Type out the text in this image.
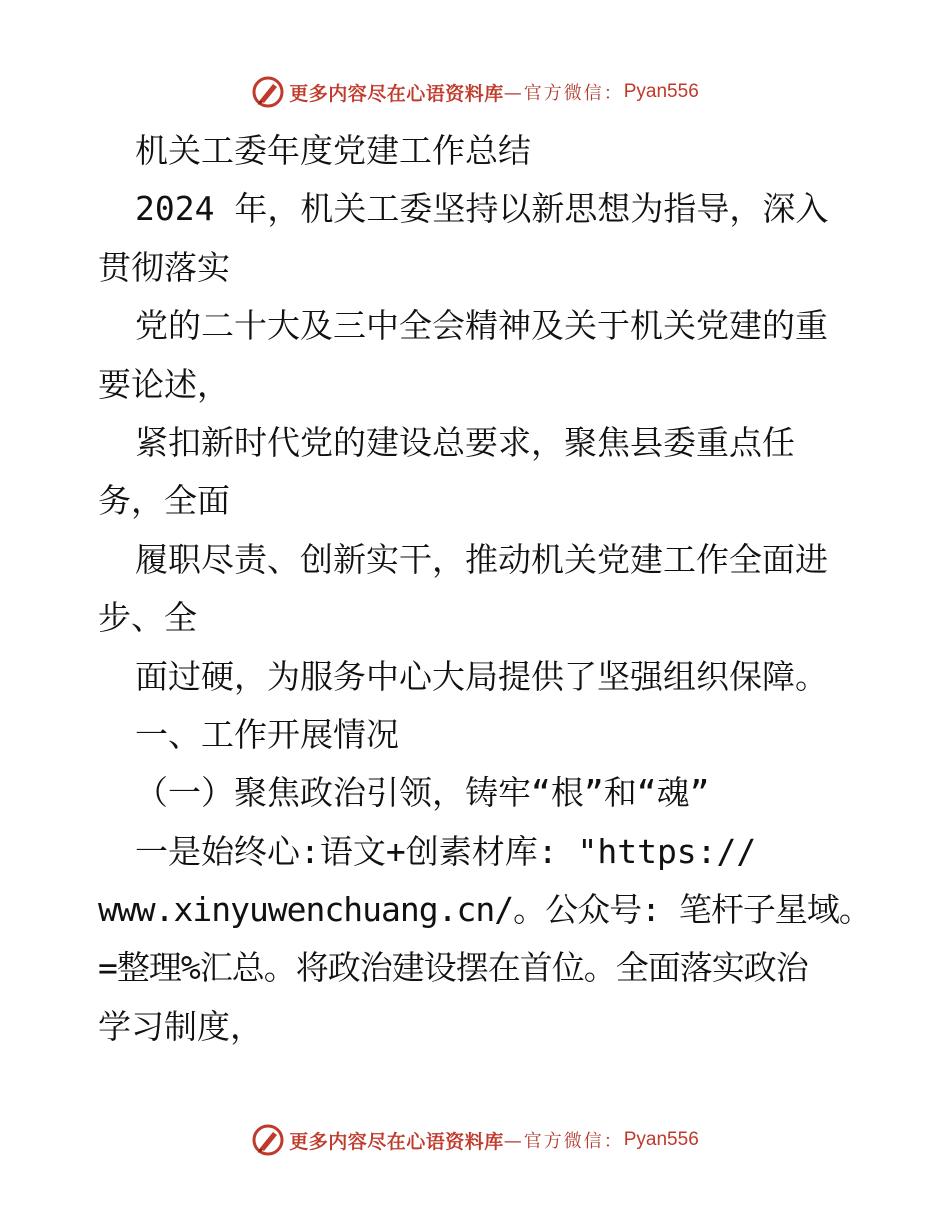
更多内容尽在心语资料库 —官方微信： Pyan556
机关工委年度党建工作总结
2024 年，机关工委坚持以新思想为指导，深入
贯彻落实
党的二十大及三中全会精神及关于机关党建的重
要论述，
紧扣新时代党的建设总要求，聚焦县委重点任
务，全面
履职尽责、创新实干，推动机关党建工作全面进
步、全
面过硬，为服务中心大局提供了坚强组织保障。
一、工作开展情况
（一）聚焦政治引领，铸牢“根”和“魂”
一是始终心:语文+创素材库: "https://
www.xinyuwenchuang.cn/。公众号: 笔杆子星域。
=整理%汇总。将政治建设摆在首位。全面落实政治
学习制度，
更多内容尽在心语资料库 —官方微信： Pyan556
